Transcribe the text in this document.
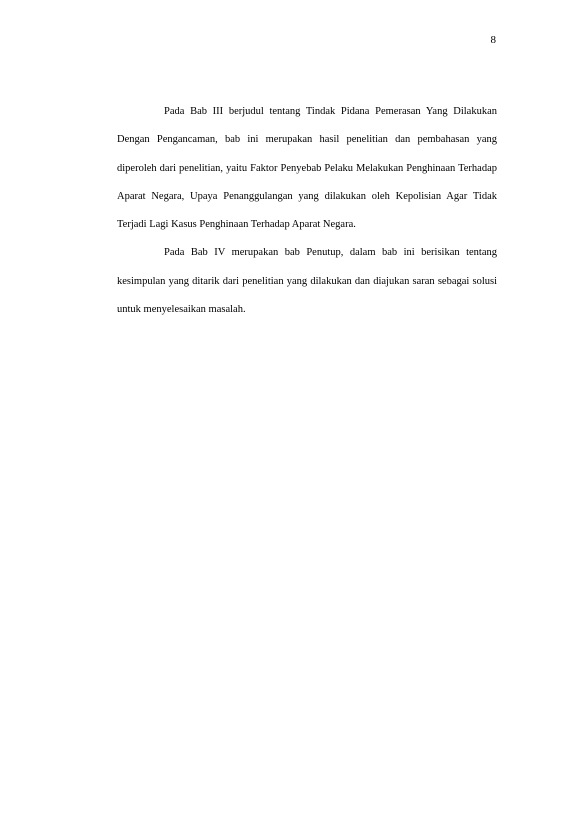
8

Pada Bab III berjudul tentang Tindak Pidana Pemerasan Yang Dilakukan Dengan Pengancaman, bab ini merupakan hasil penelitian dan pembahasan yang diperoleh dari penelitian, yaitu Faktor Penyebab Pelaku Melakukan Penghinaan Terhadap Aparat Negara, Upaya Penanggulangan yang dilakukan oleh Kepolisian Agar Tidak Terjadi Lagi Kasus Penghinaan Terhadap Aparat Negara.

Pada Bab IV merupakan bab Penutup, dalam bab ini berisikan tentang kesimpulan yang ditarik dari penelitian yang dilakukan dan diajukan saran sebagai solusi untuk menyelesaikan masalah.
